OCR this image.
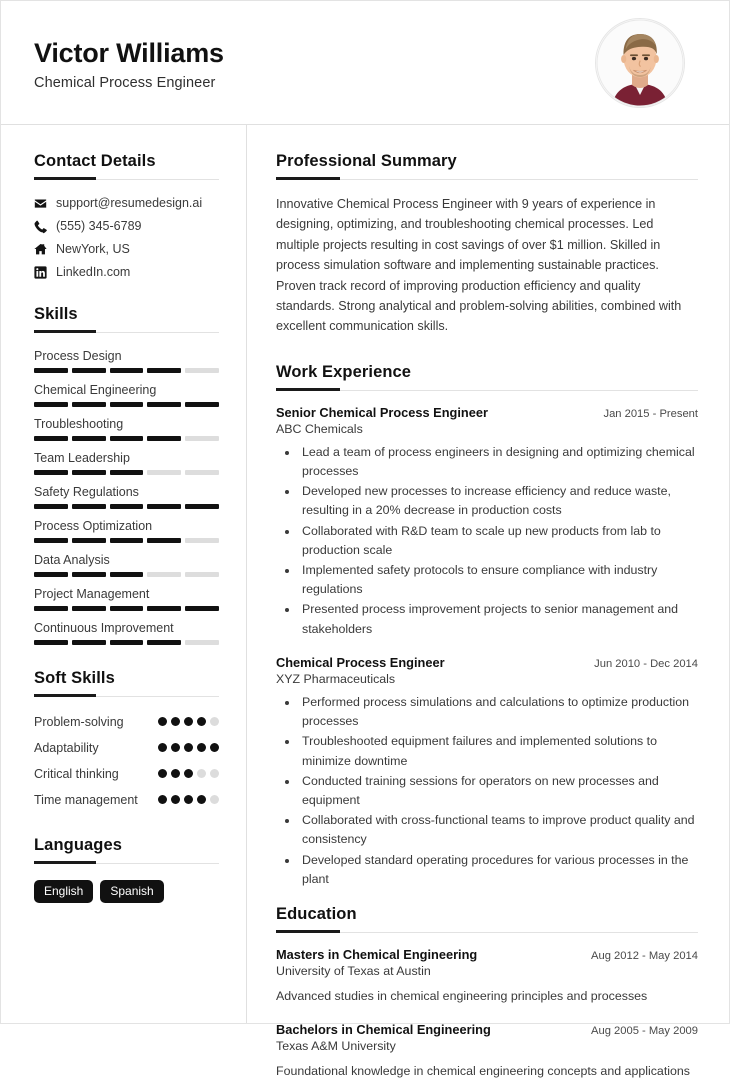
Victor Williams
Chemical Process Engineer
Contact Details
support@resumedesign.ai
(555) 345-6789
NewYork, US
LinkedIn.com
Skills
Process Design
Chemical Engineering
Troubleshooting
Team Leadership
Safety Regulations
Process Optimization
Data Analysis
Project Management
Continuous Improvement
Soft Skills
Problem-solving
Adaptability
Critical thinking
Time management
Languages
English	Spanish
Professional Summary
Innovative Chemical Process Engineer with 9 years of experience in designing, optimizing, and troubleshooting chemical processes. Led multiple projects resulting in cost savings of over $1 million. Skilled in process simulation software and implementing sustainable practices. Proven track record of improving production efficiency and quality standards. Strong analytical and problem-solving abilities, combined with excellent communication skills.
Work Experience
Senior Chemical Process Engineer	Jan 2015 - Present
ABC Chemicals
• Lead a team of process engineers in designing and optimizing chemical processes
• Developed new processes to increase efficiency and reduce waste, resulting in a 20% decrease in production costs
• Collaborated with R&D team to scale up new products from lab to production scale
• Implemented safety protocols to ensure compliance with industry regulations
• Presented process improvement projects to senior management and stakeholders
Chemical Process Engineer	Jun 2010 - Dec 2014
XYZ Pharmaceuticals
• Performed process simulations and calculations to optimize production processes
• Troubleshooted equipment failures and implemented solutions to minimize downtime
• Conducted training sessions for operators on new processes and equipment
• Collaborated with cross-functional teams to improve product quality and consistency
• Developed standard operating procedures for various processes in the plant
Education
Masters in Chemical Engineering	Aug 2012 - May 2014
University of Texas at Austin
Advanced studies in chemical engineering principles and processes
Bachelors in Chemical Engineering	Aug 2005 - May 2009
Texas A&M University
Foundational knowledge in chemical engineering concepts and applications
